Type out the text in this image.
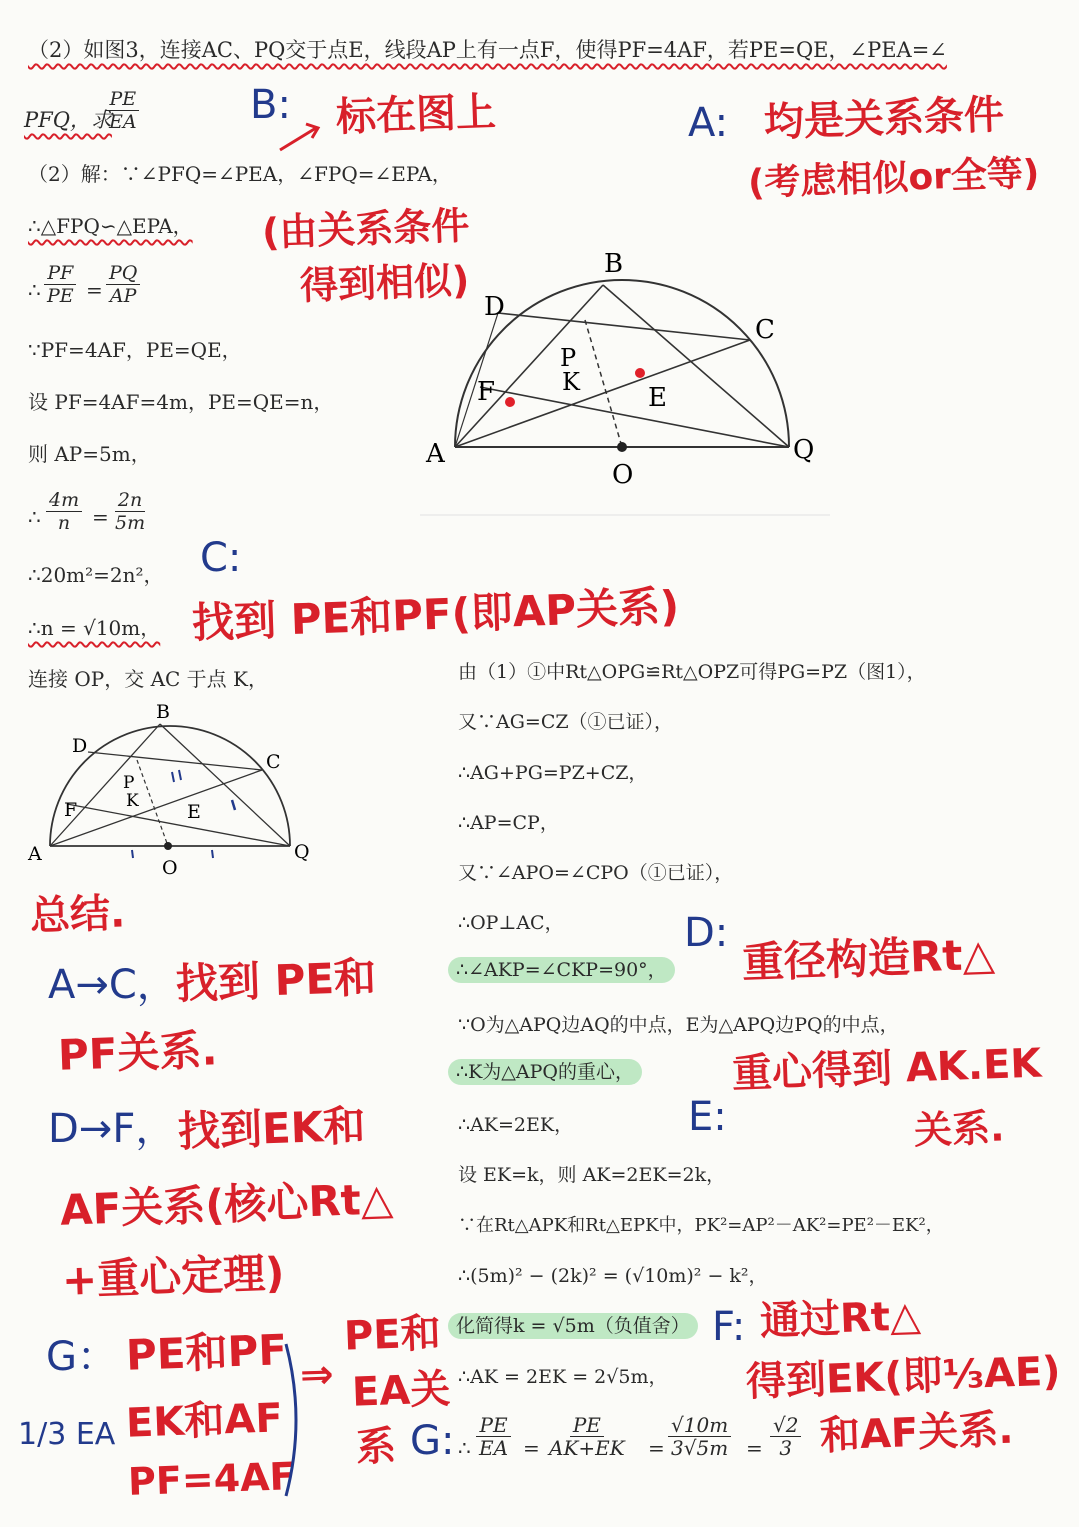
（2）如图3，连接AC、PQ交于点E，线段AP上有一点F，使得PF=4AF，若PE=QE，∠PEA=∠
PFQ，求
$\frac{PE}{EA}$
（2）解：∵∠PFQ=∠PEA，∠FPQ=∠EPA，
∴△FPQ∽△EPA，
∴ $\frac{PF}{PE} = \frac{PQ}{AP}$
∵PF=4AF，PE=QE，
设 PF=4AF=4m，PE=QE=n，
则 AP=5m，
∴ $\frac{4m}{n} = \frac{2n}{5m}$
∴20m²=2n²，
∴n = √10m，
连接 OP，交 AC 于点 K，
B
D
C
P
K
F	E
A
O
Q
B
D
C
P
K
F	E
A
O
Q
由（1）①中Rt△OPG≌Rt△OPZ可得PG=PZ（图1），
又∵AG=CZ（①已证），
∴AG+PG=PZ+CZ，
∴AP=CP，
又∵∠APO=∠CPO（①已证），
∴OP⊥AC，
∴∠AKP=∠CKP=90°，
∵O为△APQ边AQ的中点，E为△APQ边PQ的中点，
∴K为△APQ的重心，
∴AK=2EK，
设 EK=k，则 AK=2EK=2k，
∵在Rt△APK和Rt△EPK中，PK²=AP²－AK²=PE²－EK²，
∴(5m)² − (2k)² = (√10m)² − k²，
化简得k = √5m（负值舍）
∴AK = 2EK = 2√5m，
∴ $\frac{PE}{EA} = \frac{PE}{AK+EK} = \frac{√10m}{3√5m} = \frac{√2}{3}$
B: 标在图上	A: 均是关系条件
(考虑相似or全等)
(由关系条件
得到相似)
C:
找到 PE和PF(即AP关系)
总结.
A→C，
找到 PE和
PF关系.
D→F， 找到EK和
AF关系(核心Rt△
+重心定理)
G： PE和PF ⇒
PE和
EA关
系
1/3 EA EK和AF
PF=4AF
D: 重径构造Rt△
E:
重心得到 AK.EK
关系.
F: 通过Rt△
得到EK(即⅓AE)
G:	和AF关系.
